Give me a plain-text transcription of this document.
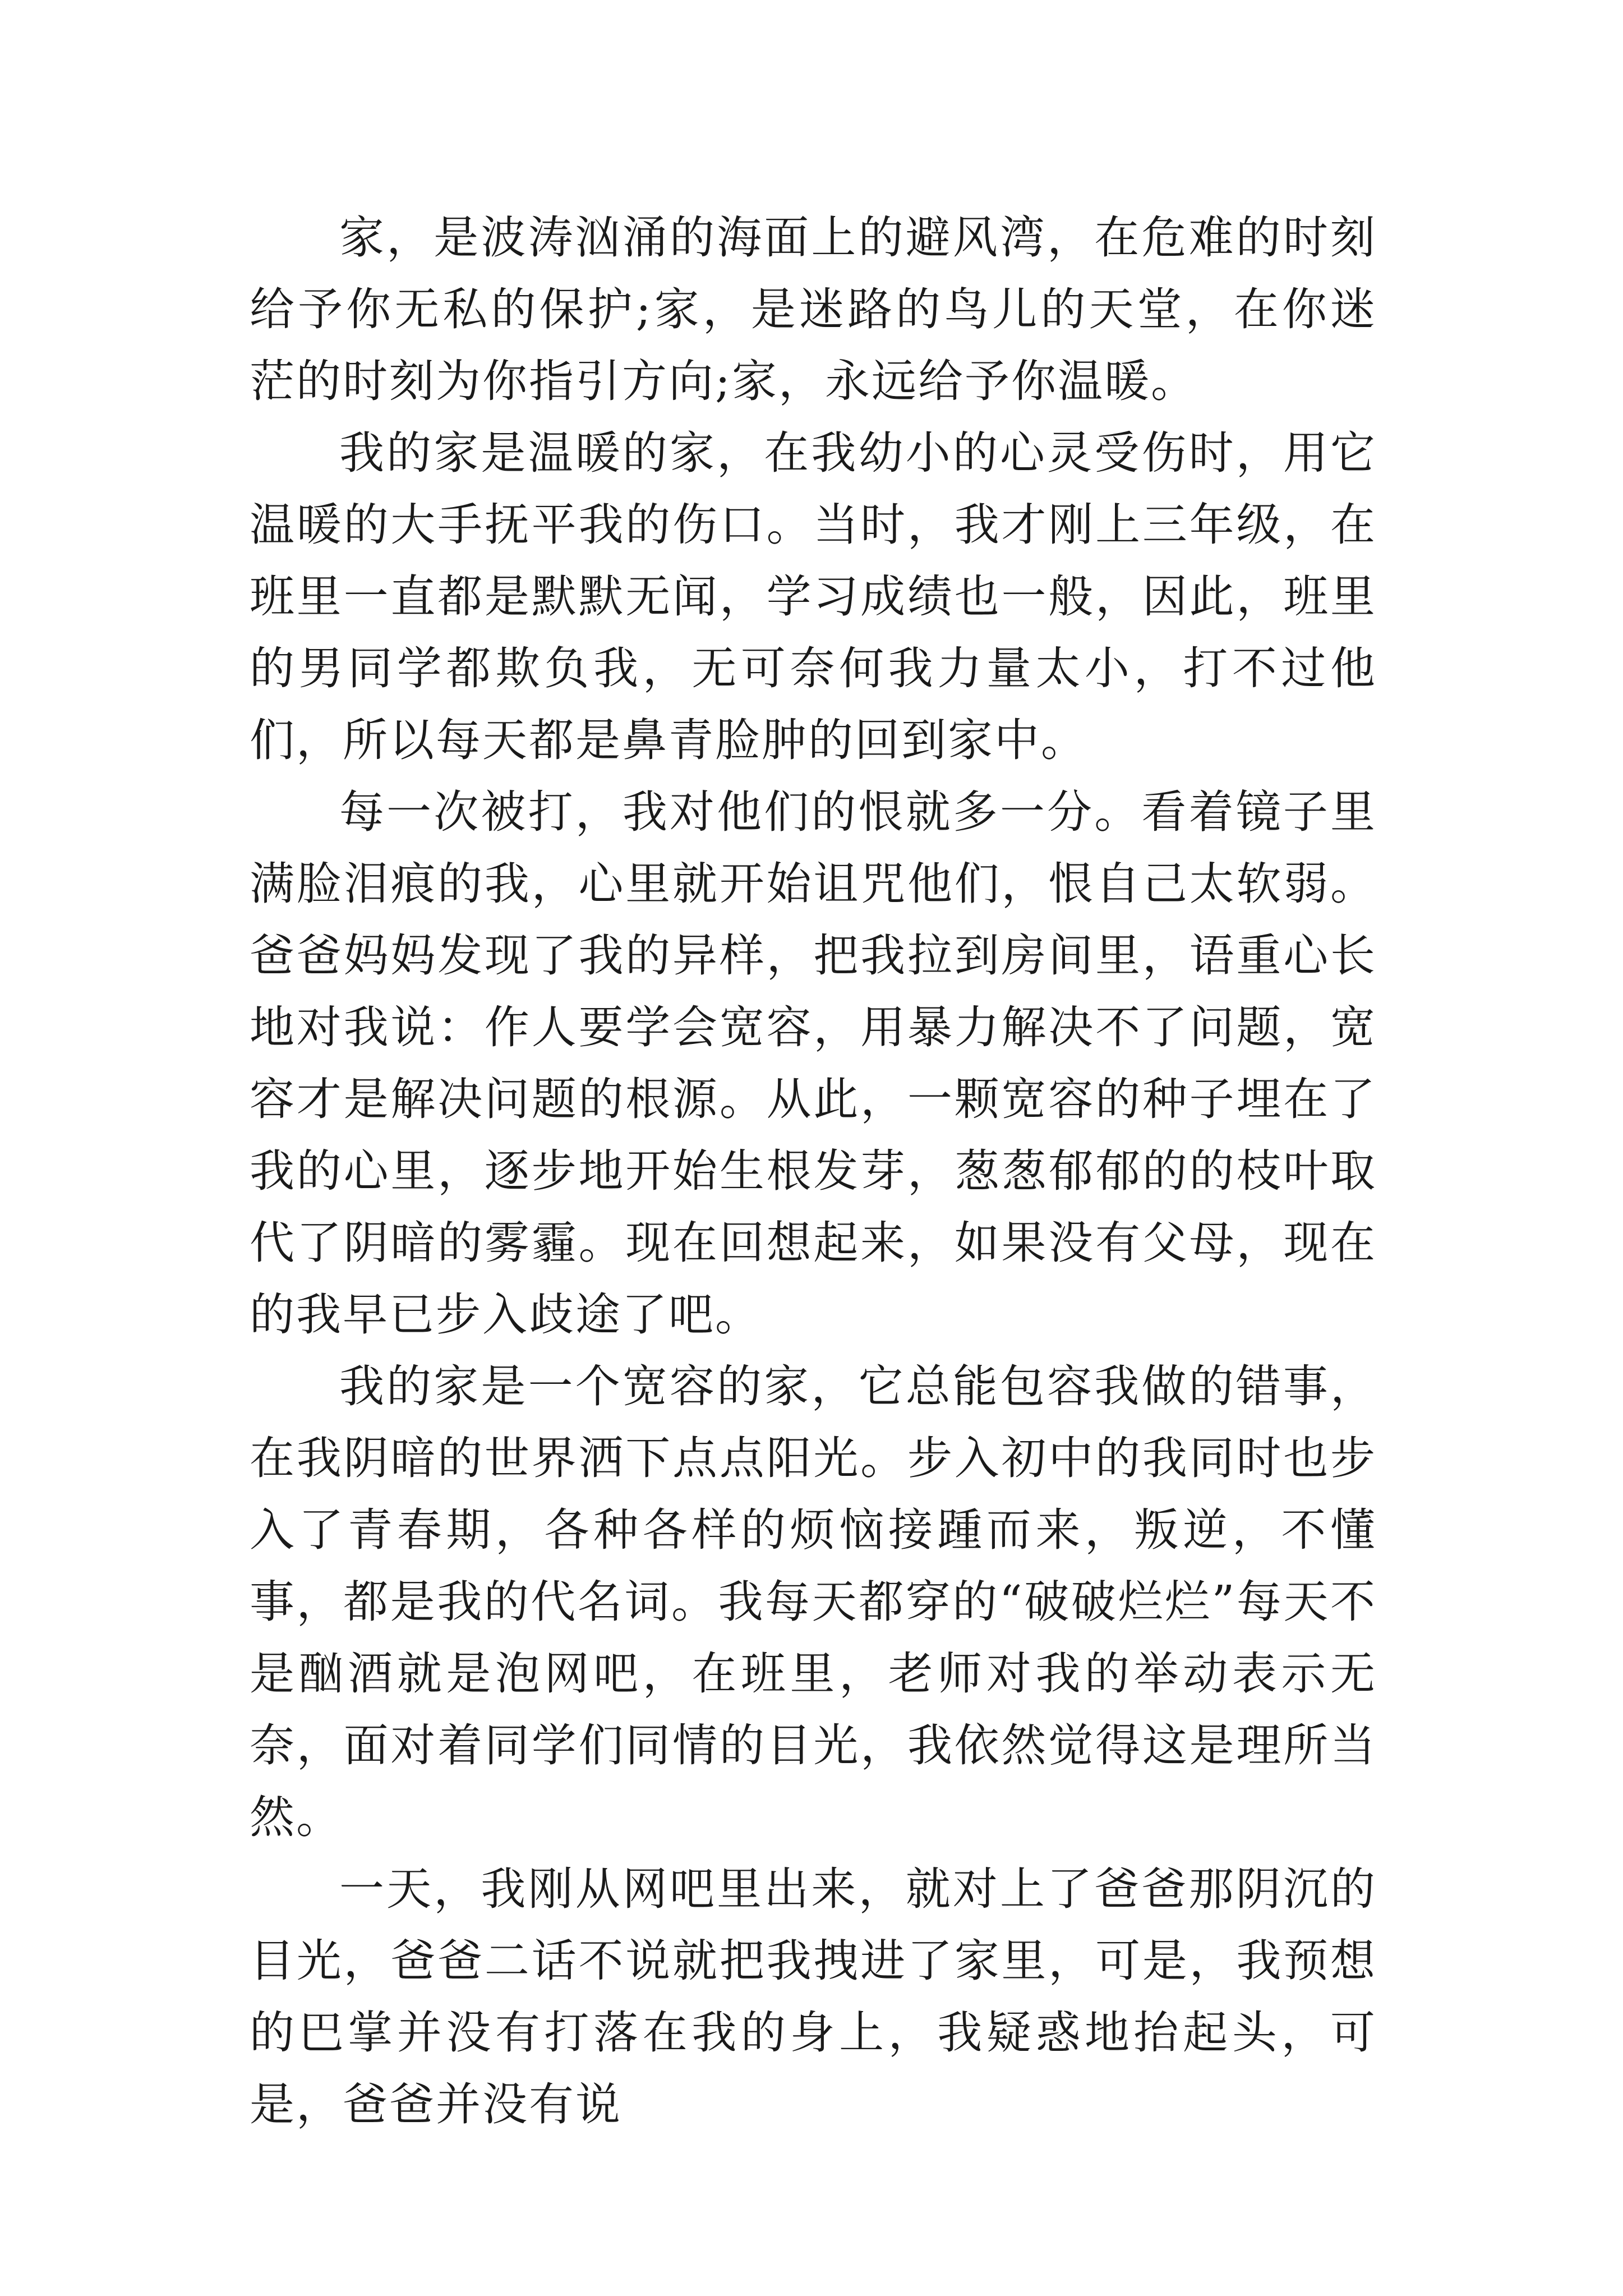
家，是波涛汹涌的海面上的避风湾，在危难的时刻给予你无私的保护;家，是迷路的鸟儿的天堂，在你迷茫的时刻为你指引方向;家，永远给予你温暖。

我的家是温暖的家，在我幼小的心灵受伤时，用它温暖的大手抚平我的伤口。当时，我才刚上三年级，在班里一直都是默默无闻，学习成绩也一般，因此，班里的男同学都欺负我，无可奈何我力量太小，打不过他们，所以每天都是鼻青脸肿的回到家中。

每一次被打，我对他们的恨就多一分。看着镜子里满脸泪痕的我，心里就开始诅咒他们，恨自己太软弱。爸爸妈妈发现了我的异样，把我拉到房间里，语重心长地对我说：作人要学会宽容，用暴力解决不了问题，宽容才是解决问题的根源。从此，一颗宽容的种子埋在了我的心里，逐步地开始生根发芽，葱葱郁郁的的枝叶取代了阴暗的雾霾。现在回想起来，如果没有父母，现在的我早已步入歧途了吧。

我的家是一个宽容的家，它总能包容我做的错事，在我阴暗的世界洒下点点阳光。步入初中的我同时也步入了青春期，各种各样的烦恼接踵而来，叛逆，不懂事，都是我的代名词。我每天都穿的“破破烂烂”每天不是酗酒就是泡网吧，在班里，老师对我的举动表示无奈，面对着同学们同情的目光，我依然觉得这是理所当然。

一天，我刚从网吧里出来，就对上了爸爸那阴沉的目光，爸爸二话不说就把我拽进了家里，可是，我预想的巴掌并没有打落在我的身上，我疑惑地抬起头，可是，爸爸并没有说
